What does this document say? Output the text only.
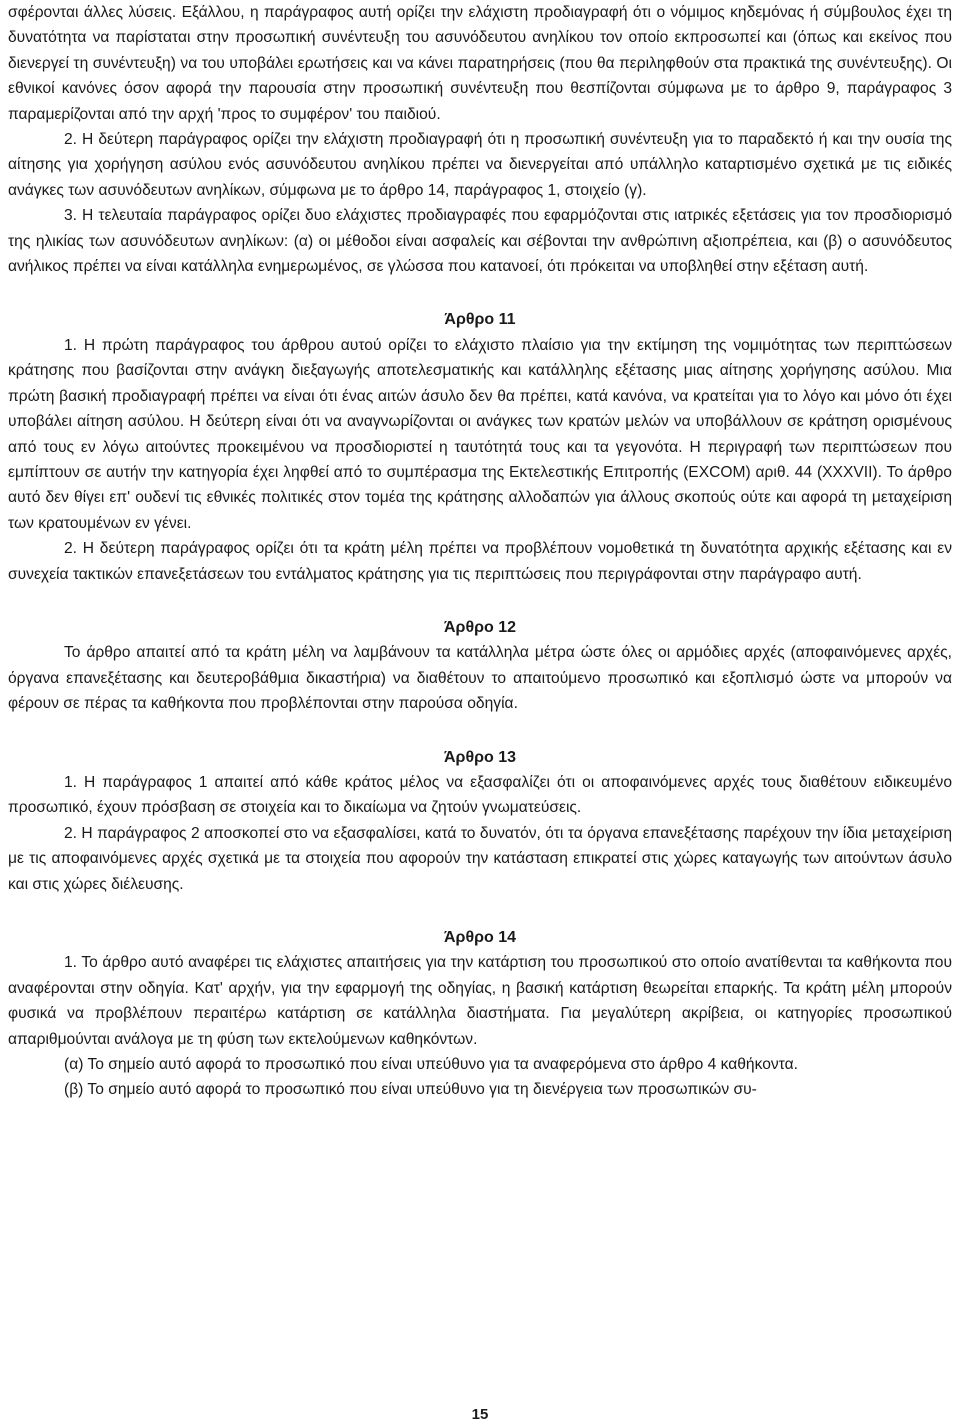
σφέρονται άλλες λύσεις. Εξάλλου, η παράγραφος αυτή ορίζει την ελάχιστη προδιαγραφή ότι ο νόμιμος κηδεμόνας ή σύμβουλος έχει τη δυνατότητα να παρίσταται στην προσωπική συνέντευξη του ασυνόδευτου ανηλίκου τον οποίο εκπροσωπεί και (όπως και εκείνος που διενεργεί τη συνέντευξη) να του υποβάλει ερωτήσεις και να κάνει παρατηρήσεις (που θα περιληφθούν στα πρακτικά της συνέντευξης). Οι εθνικοί κανόνες όσον αφορά την παρουσία στην προσωπική συνέντευξη που θεσπίζονται σύμφωνα με το άρθρο 9, παράγραφος 3 παραμερίζονται από την αρχή 'προς το συμφέρον' του παιδιού.

2. Η δεύτερη παράγραφος ορίζει την ελάχιστη προδιαγραφή ότι η προσωπική συνέντευξη για το παραδεκτό ή και την ουσία της αίτησης για χορήγηση ασύλου ενός ασυνόδευτου ανηλίκου πρέπει να διενεργείται από υπάλληλο καταρτισμένο σχετικά με τις ειδικές ανάγκες των ασυνόδευτων ανηλίκων, σύμφωνα με το άρθρο 14, παράγραφος 1, στοιχείο (γ).

3. Η τελευταία παράγραφος ορίζει δυο ελάχιστες προδιαγραφές που εφαρμόζονται στις ιατρικές εξετάσεις για τον προσδιορισμό της ηλικίας των ασυνόδευτων ανηλίκων: (α) οι μέθοδοι είναι ασφαλείς και σέβονται την ανθρώπινη αξιοπρέπεια, και (β) ο ασυνόδευτος ανήλικος πρέπει να είναι κατάλληλα ενημερωμένος, σε γλώσσα που κατανοεί, ότι πρόκειται να υποβληθεί στην εξέταση αυτή.

Άρθρο 11

1. Η πρώτη παράγραφος του άρθρου αυτού ορίζει το ελάχιστο πλαίσιο για την εκτίμηση της νομιμότητας των περιπτώσεων κράτησης που βασίζονται στην ανάγκη διεξαγωγής αποτελεσματικής και κατάλληλης εξέτασης μιας αίτησης χορήγησης ασύλου. Μια πρώτη βασική προδιαγραφή πρέπει να είναι ότι ένας αιτών άσυλο δεν θα πρέπει, κατά κανόνα, να κρατείται για το λόγο και μόνο ότι έχει υποβάλει αίτηση ασύλου. Η δεύτερη είναι ότι να αναγνωρίζονται οι ανάγκες των κρατών μελών να υποβάλλουν σε κράτηση ορισμένους από τους εν λόγω αιτούντες προκειμένου να προσδιοριστεί η ταυτότητά τους και τα γεγονότα. Η περιγραφή των περιπτώσεων που εμπίπτουν σε αυτήν την κατηγορία έχει ληφθεί από το συμπέρασμα της Εκτελεστικής Επιτροπής (EXCOM) αριθ. 44 (XXXVII). Το άρθρο αυτό δεν θίγει επ' ουδενί τις εθνικές πολιτικές στον τομέα της κράτησης αλλοδαπών για άλλους σκοπούς ούτε και αφορά τη μεταχείριση των κρατουμένων εν γένει.

2. Η δεύτερη παράγραφος ορίζει ότι τα κράτη μέλη πρέπει να προβλέπουν νομοθετικά τη δυνατότητα αρχικής εξέτασης και εν συνεχεία τακτικών επανεξετάσεων του εντάλματος κράτησης για τις περιπτώσεις που περιγράφονται στην παράγραφο αυτή.

Άρθρο 12

Το άρθρο απαιτεί από τα κράτη μέλη να λαμβάνουν τα κατάλληλα μέτρα ώστε όλες οι αρμόδιες αρχές (αποφαινόμενες αρχές, όργανα επανεξέτασης και δευτεροβάθμια δικαστήρια) να διαθέτουν το απαιτούμενο προσωπικό και εξοπλισμό ώστε να μπορούν να φέρουν σε πέρας τα καθήκοντα που προβλέπονται στην παρούσα οδηγία.

Άρθρο 13

1. Η παράγραφος 1 απαιτεί από κάθε κράτος μέλος να εξασφαλίζει ότι οι αποφαινόμενες αρχές τους διαθέτουν ειδικευμένο προσωπικό, έχουν πρόσβαση σε στοιχεία και το δικαίωμα να ζητούν γνωματεύσεις.

2. Η παράγραφος 2 αποσκοπεί στο να εξασφαλίσει, κατά το δυνατόν, ότι τα όργανα επανεξέτασης παρέχουν την ίδια μεταχείριση με τις αποφαινόμενες αρχές σχετικά με τα στοιχεία που αφορούν την κατάσταση επικρατεί στις χώρες καταγωγής των αιτούντων άσυλο και στις χώρες διέλευσης.

Άρθρο 14

1. Το άρθρο αυτό αναφέρει τις ελάχιστες απαιτήσεις για την κατάρτιση του προσωπικού στο οποίο ανατίθενται τα καθήκοντα που αναφέρονται στην οδηγία. Κατ' αρχήν, για την εφαρμογή της οδηγίας, η βασική κατάρτιση θεωρείται επαρκής. Τα κράτη μέλη μπορούν φυσικά να προβλέπουν περαιτέρω κατάρτιση σε κατάλληλα διαστήματα. Για μεγαλύτερη ακρίβεια, οι κατηγορίες προσωπικού απαριθμούνται ανάλογα με τη φύση των εκτελούμενων καθηκόντων.

(α) Το σημείο αυτό αφορά το προσωπικό που είναι υπεύθυνο για τα αναφερόμενα στο άρθρο 4 καθήκοντα.

(β) Το σημείο αυτό αφορά το προσωπικό που είναι υπεύθυνο για τη διενέργεια των προσωπικών συ-

15
